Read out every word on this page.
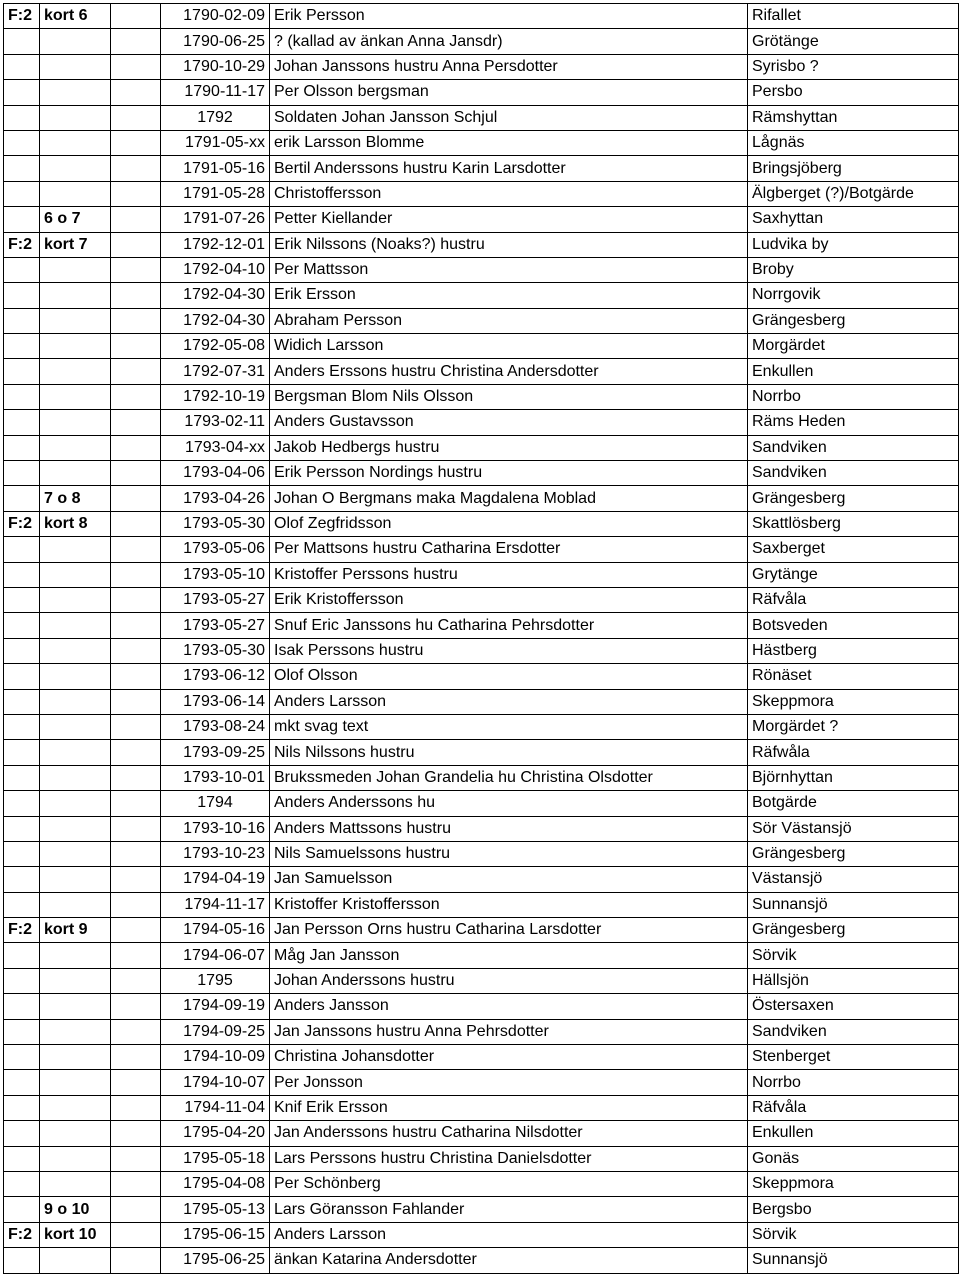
F:2	kort 6		1790-02-09	Erik Persson	Rifallet
			1790-06-25	? (kallad av änkan Anna Jansdr)	Grötänge
			1790-10-29	Johan Janssons hustru Anna Persdotter	Syrisbo ?
			1790-11-17	Per Olsson bergsman	Persbo
			1792	Soldaten Johan Jansson Schjul	Rämshyttan
			1791-05-xx	erik Larsson Blomme	Lågnäs
			1791-05-16	Bertil Anderssons hustru Karin Larsdotter	Bringsjöberg
			1791-05-28	Christoffersson	Älgberget (?)/Botgärde
	6 o 7		1791-07-26	Petter Kiellander	Saxhyttan
F:2	kort 7		1792-12-01	Erik Nilssons (Noaks?) hustru	Ludvika by
			1792-04-10	Per Mattsson	Broby
			1792-04-30	Erik Ersson	Norrgovik
			1792-04-30	Abraham Persson	Grängesberg
			1792-05-08	Widich Larsson	Morgärdet
			1792-07-31	Anders Erssons hustru Christina Andersdotter	Enkullen
			1792-10-19	Bergsman Blom Nils Olsson	Norrbo
			1793-02-11	Anders Gustavsson	Räms Heden
			1793-04-xx	Jakob Hedbergs hustru	Sandviken
			1793-04-06	Erik Persson Nordings hustru	Sandviken
	7 o 8		1793-04-26	Johan O Bergmans maka Magdalena Moblad	Grängesberg
F:2	kort 8		1793-05-30	Olof Zegfridsson	Skattlösberg
			1793-05-06	Per Mattsons hustru Catharina Ersdotter	Saxberget
			1793-05-10	Kristoffer Perssons hustru	Grytänge
			1793-05-27	Erik Kristoffersson	Räfvåla
			1793-05-27	Snuf Eric Janssons hu Catharina Pehrsdotter	Botsveden
			1793-05-30	Isak Perssons hustru	Hästberg
			1793-06-12	Olof Olsson	Rönäset
			1793-06-14	Anders Larsson	Skeppmora
			1793-08-24	mkt svag text	Morgärdet ?
			1793-09-25	Nils Nilssons hustru	Räfwåla
			1793-10-01	Brukssmeden Johan Grandelia hu Christina Olsdotter	Björnhyttan
			1794	Anders Anderssons hu	Botgärde
			1793-10-16	Anders Mattssons hustru	Sör Västansjö
			1793-10-23	Nils Samuelssons hustru	Grängesberg
			1794-04-19	Jan Samuelsson	Västansjö
			1794-11-17	Kristoffer Kristoffersson	Sunnansjö
F:2	kort 9		1794-05-16	Jan Persson Orns hustru Catharina Larsdotter	Grängesberg
			1794-06-07	Måg Jan Jansson	Sörvik
			1795	Johan Anderssons hustru	Hällsjön
			1794-09-19	Anders Jansson	Östersaxen
			1794-09-25	Jan Janssons hustru Anna Pehrsdotter	Sandviken
			1794-10-09	Christina Johansdotter	Stenberget
			1794-10-07	Per Jonsson	Norrbo
			1794-11-04	Knif Erik Ersson	Räfvåla
			1795-04-20	Jan Anderssons hustru Catharina Nilsdotter	Enkullen
			1795-05-18	Lars Perssons hustru Christina Danielsdotter	Gonäs
			1795-04-08	Per Schönberg	Skeppmora
	9 o 10		1795-05-13	Lars Göransson Fahlander	Bergsbo
F:2	kort 10		1795-06-15	Anders Larsson	Sörvik
			1795-06-25	änkan Katarina Andersdotter	Sunnansjö
